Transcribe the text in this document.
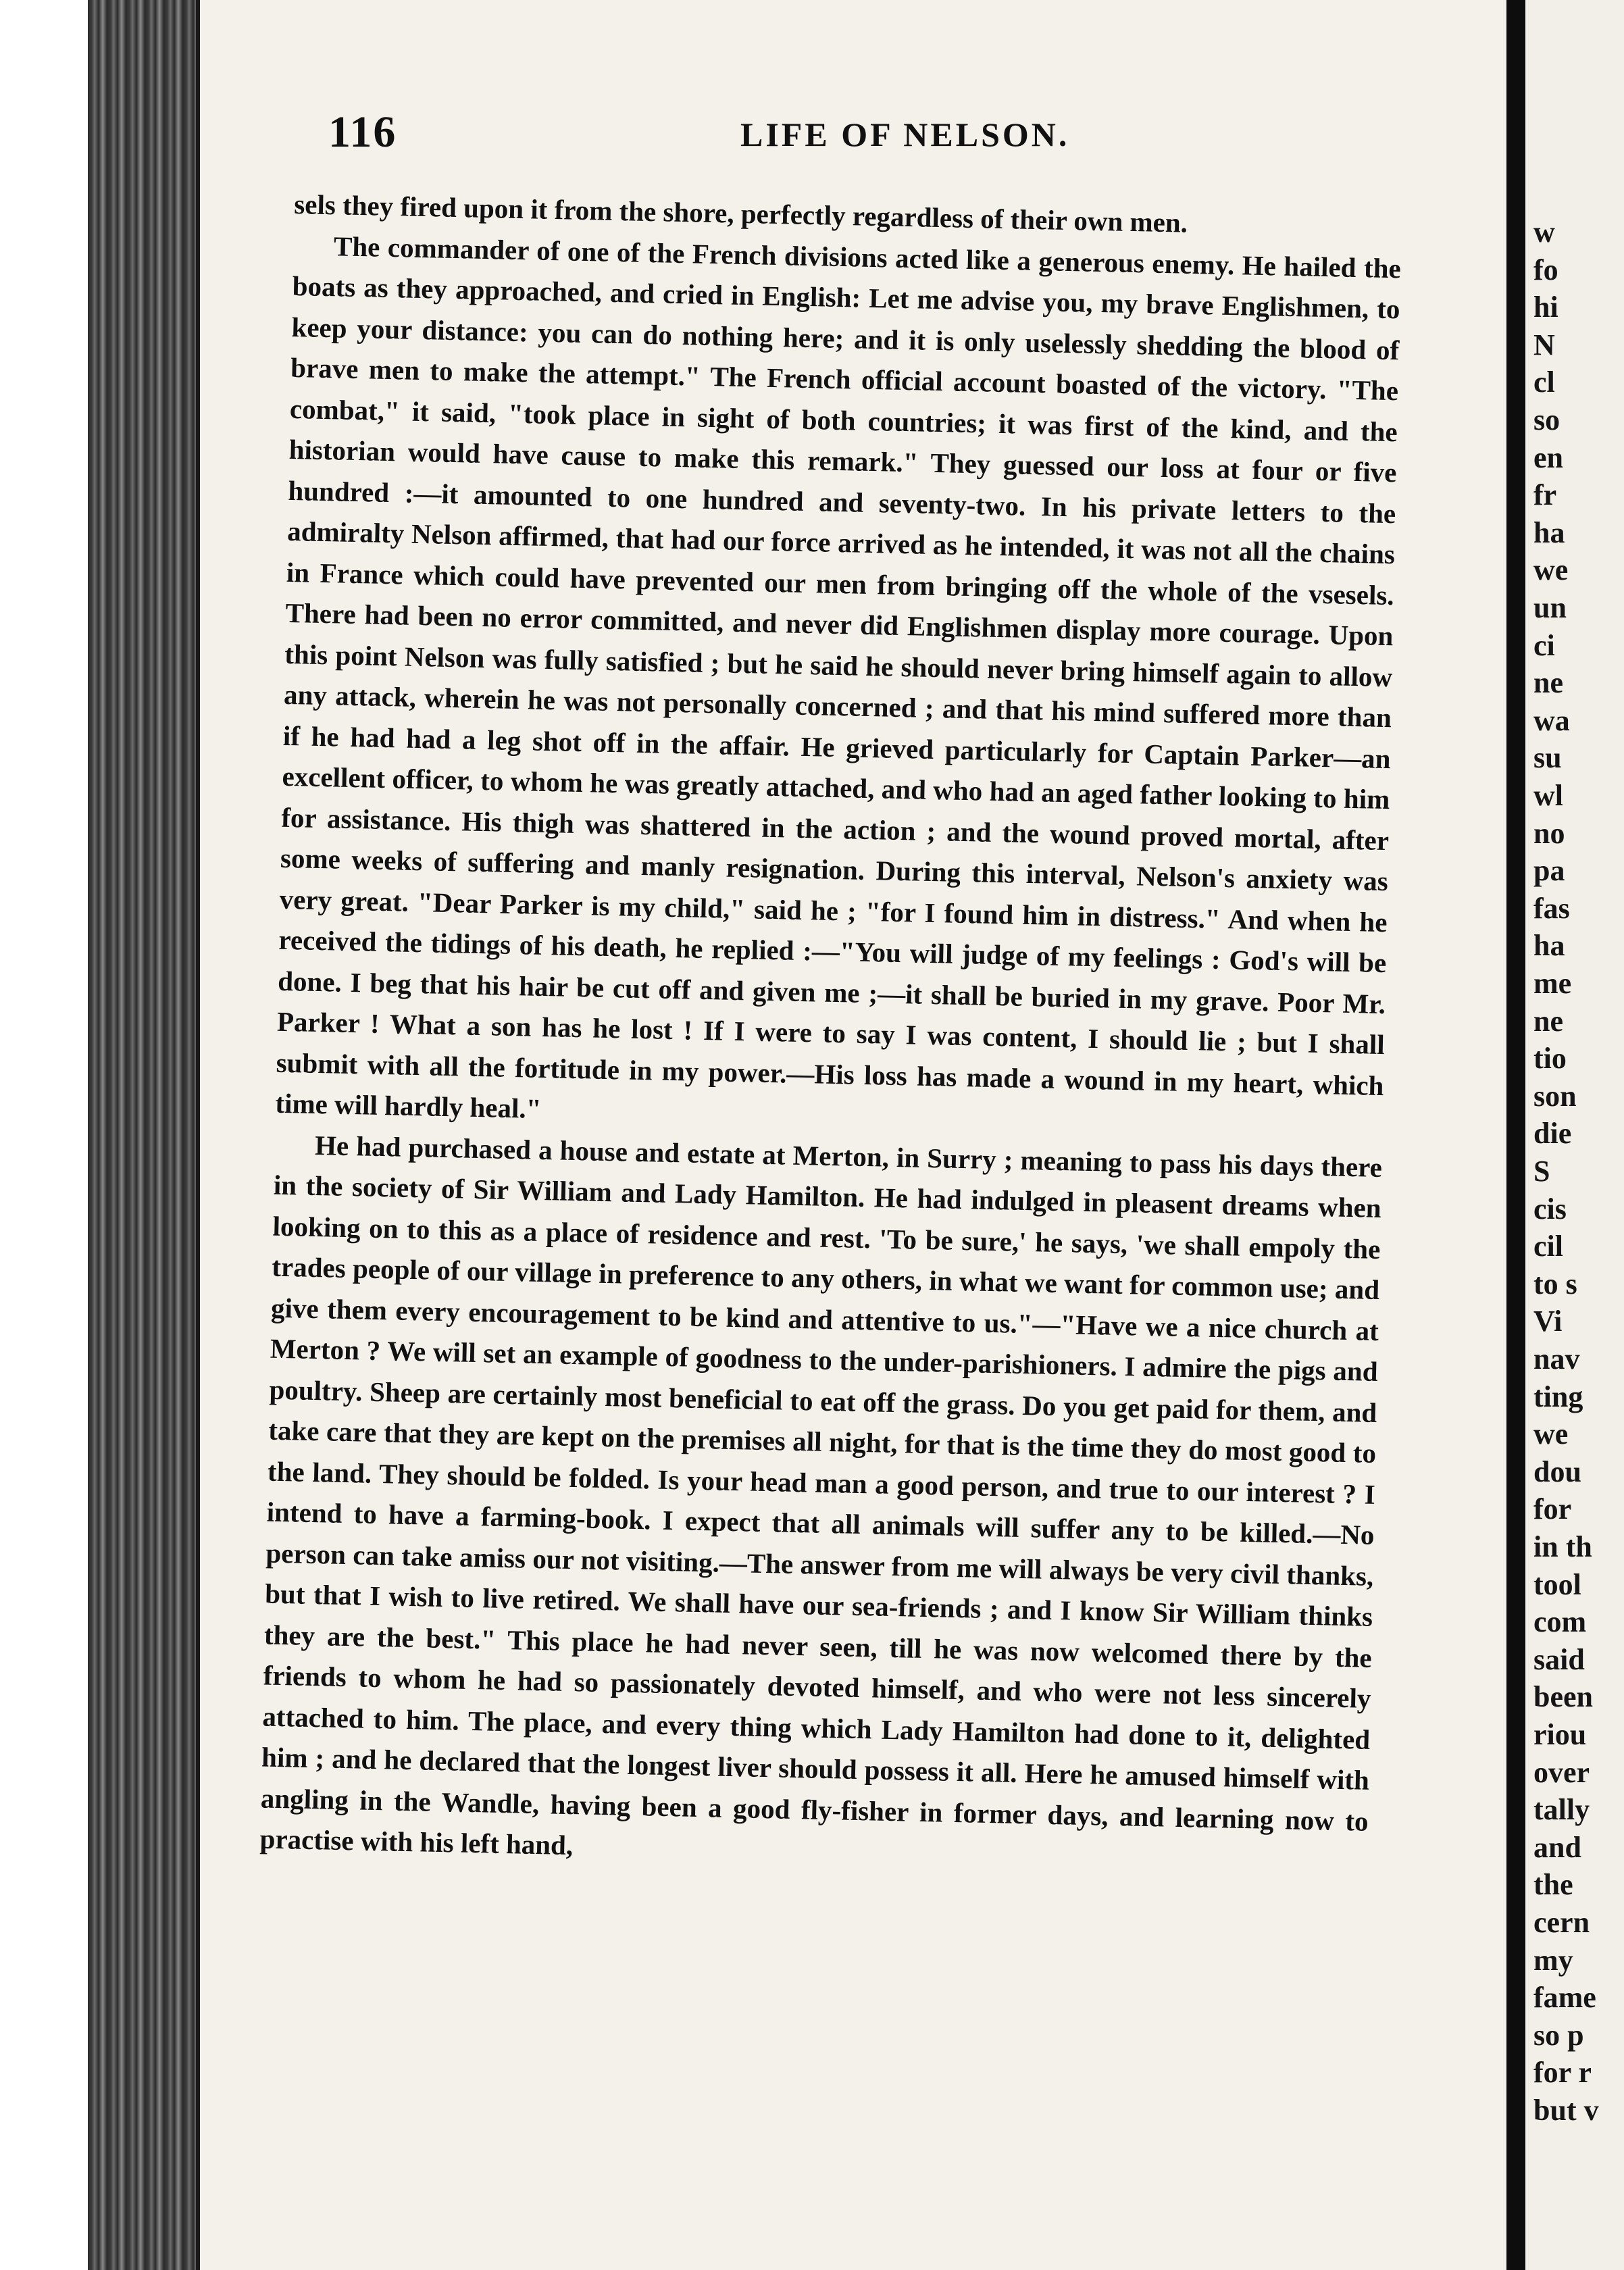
116	LIFE OF NELSON.

sels they fired upon it from the shore, perfectly regardless of their own men.

The commander of one of the French divisions acted like a generous enemy. He hailed the boats as they approached, and cried in English: Let me advise you, my brave Englishmen, to keep your distance: you can do nothing here; and it is only uselessly shedding the blood of brave men to make the attempt." The French official account boasted of the victory. "The combat," it said, "took place in sight of both countries; it was first of the kind, and the historian would have cause to make this remark." They guessed our loss at four or five hundred :—it amounted to one hundred and seventy-two. In his private letters to the admiralty Nelson affirmed, that had our force arrived as he intended, it was not all the chains in France which could have prevented our men from bringing off the whole of the vsesels. There had been no error committed, and never did Englishmen display more courage. Upon this point Nelson was fully satisfied ; but he said he should never bring himself again to allow any attack, wherein he was not personally concerned ; and that his mind suffered more than if he had had a leg shot off in the affair. He grieved particularly for Captain Parker—an excellent officer, to whom he was greatly attached, and who had an aged father looking to him for assistance. His thigh was shattered in the action ; and the wound proved mortal, after some weeks of suffering and manly resignation. During this interval, Nelson's anxiety was very great. "Dear Parker is my child," said he ; "for I found him in distress." And when he received the tidings of his death, he replied :—"You will judge of my feelings : God's will be done. I beg that his hair be cut off and given me ;—it shall be buried in my grave. Poor Mr. Parker ! What a son has he lost ! If I were to say I was content, I should lie ; but I shall submit with all the fortitude in my power.—His loss has made a wound in my heart, which time will hardly heal."

He had purchased a house and estate at Merton, in Surry ; meaning to pass his days there in the society of Sir William and Lady Hamilton. He had indulged in pleasent dreams when looking on to this as a place of residence and rest. 'To be sure,' he says, 'we shall empoly the trades people of our village in preference to any others, in what we want for common use; and give them every encouragement to be kind and attentive to us."—"Have we a nice church at Merton ? We will set an example of goodness to the under-parishioners. I admire the pigs and poultry. Sheep are certainly most beneficial to eat off the grass. Do you get paid for them, and take care that they are kept on the premises all night, for that is the time they do most good to the land. They should be folded. Is your head man a good person, and true to our interest ? I intend to have a farming-book. I expect that all animals will suffer any to be killed.—No person can take amiss our not visiting.—The answer from me will always be very civil thanks, but that I wish to live retired. We shall have our sea-friends ; and I know Sir William thinks they are the best." This place he had never seen, till he was now welcomed there by the friends to whom he had so passionately devoted himself, and who were not less sincerely attached to him. The place, and every thing which Lady Hamilton had done to it, delighted him ; and he declared that the longest liver should possess it all. Here he amused himself with angling in the Wandle, having been a good fly-fisher in former days, and learning now to practise with his left hand,

w
fo
hi
N
cl
so
en
fr
ha
we
un
ci
ne
wa
su
wl
no
pa
fas
ha
me
ne
tio
son
die
S
cis
cil
to s
Vi
nav
ting
we
dou
for
in th
tool
com
said
been
riou
over
tally
and
the
cern
my
fame
so p
for r
but v
